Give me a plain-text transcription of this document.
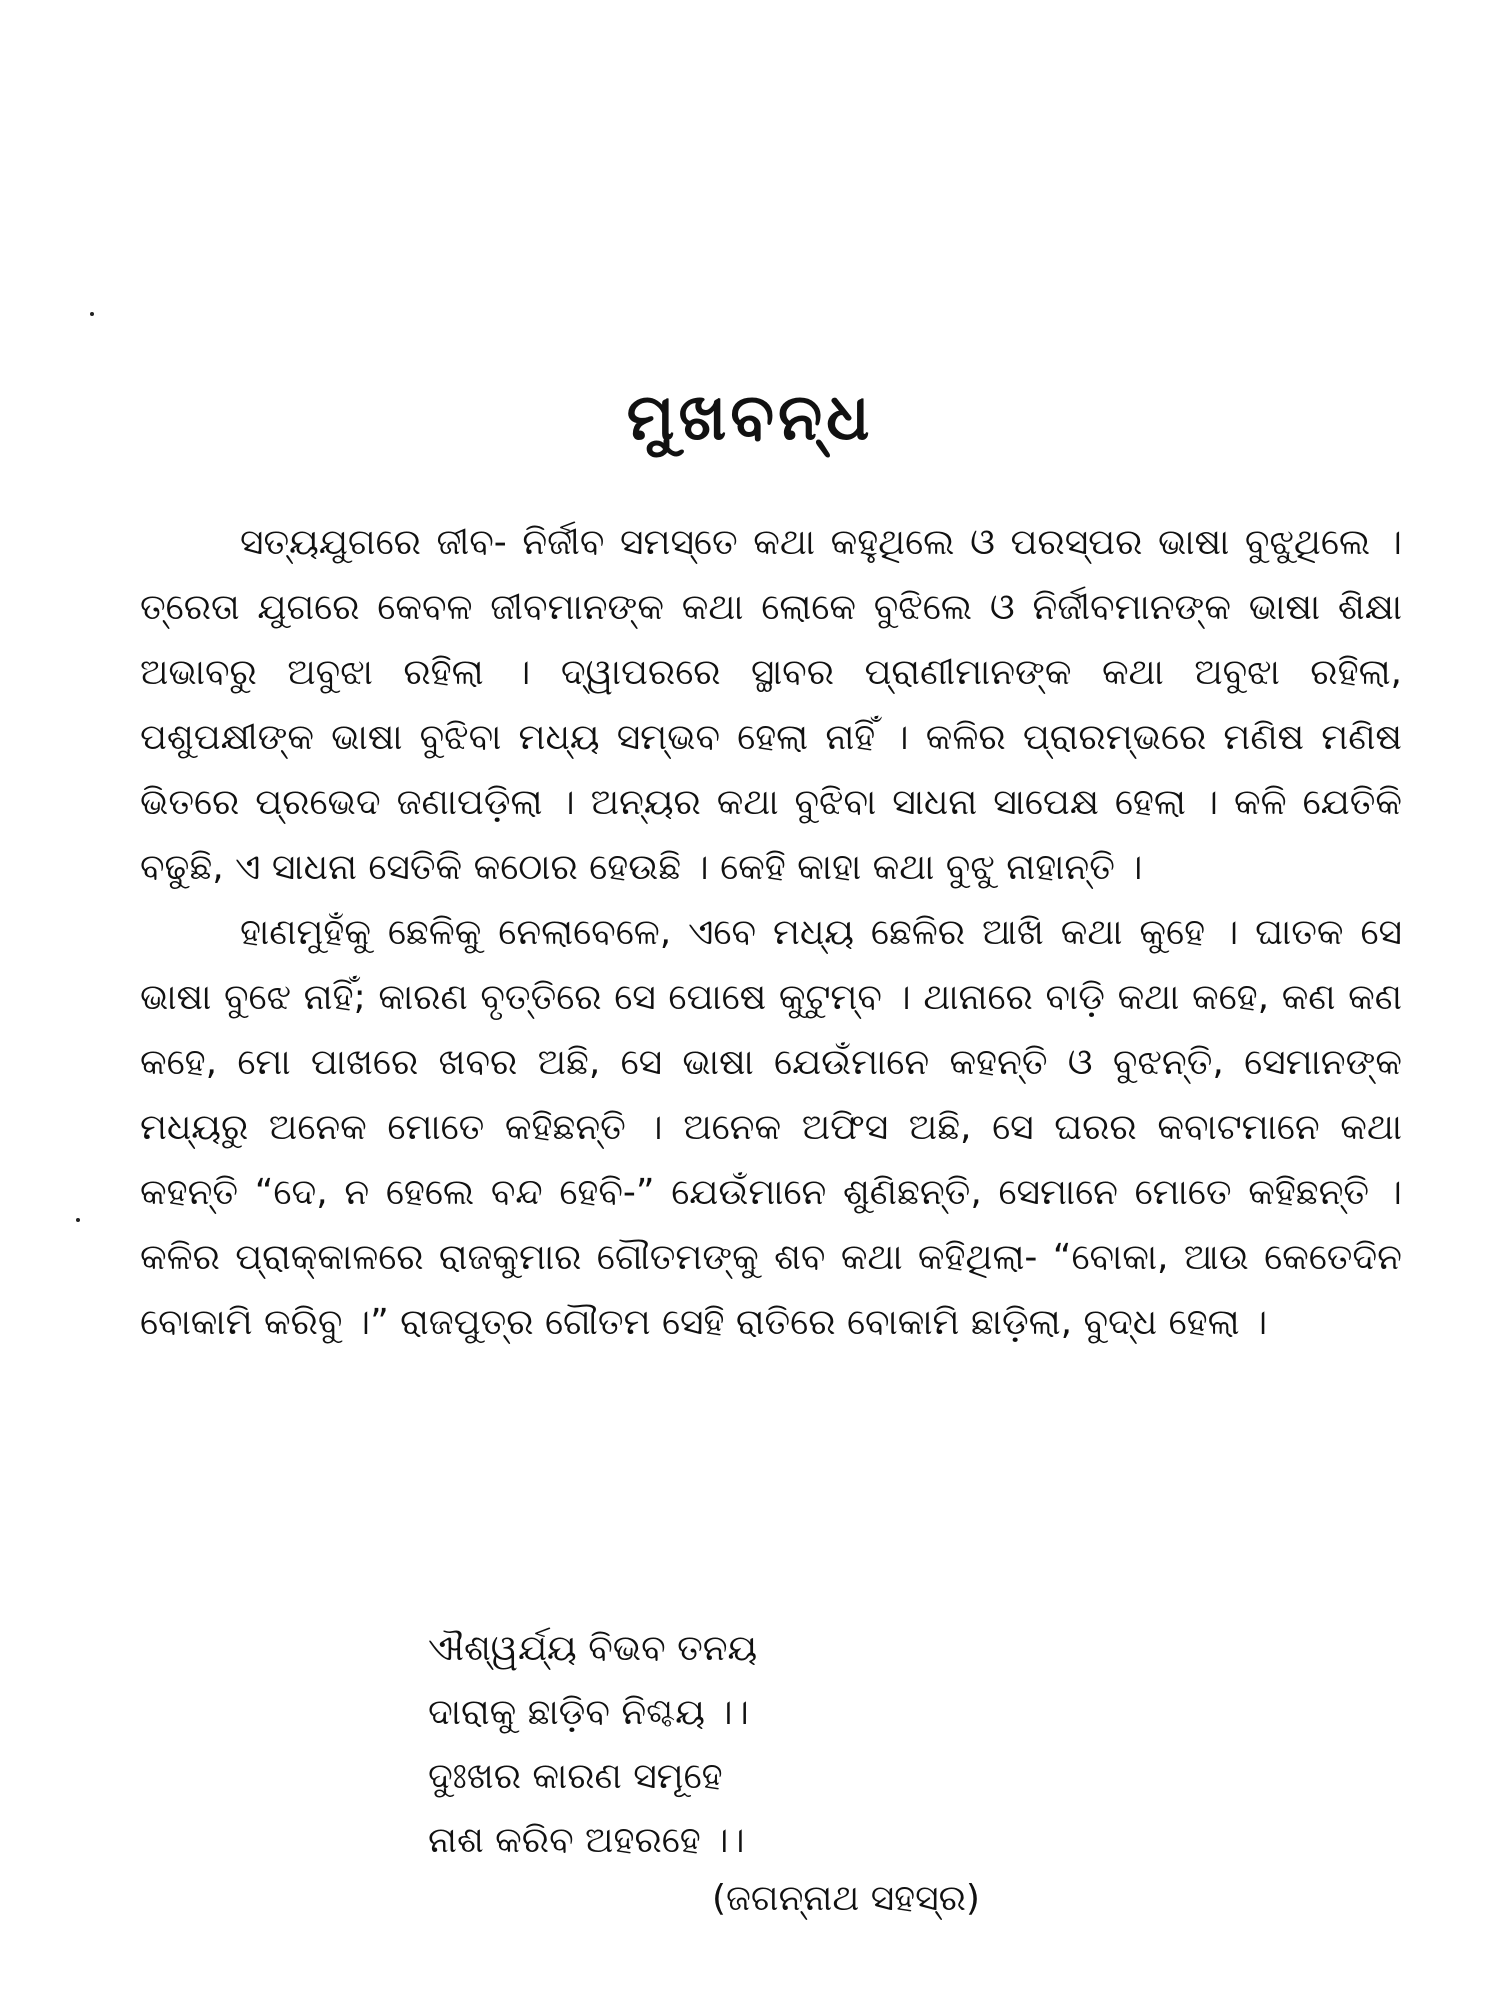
ମୁଖବନ୍ଧ

ସତ୍ୟଯୁଗରେ ଜୀବ- ନିର୍ଜୀବ ସମସ୍ତେ କଥା କହୁଥିଲେ ଓ ପରସ୍ପର ଭାଷା ବୁଝୁଥିଲେ । ତ୍ରେତା ଯୁଗରେ କେବଳ ଜୀବମାନଙ୍କ କଥା ଲୋକେ ବୁଝିଲେ ଓ ନିର୍ଜୀବମାନଙ୍କ ଭାଷା ଶିକ୍ଷା ଅଭାବରୁ ଅବୁଝା ରହିଲା । ଦ୍ୱାପରରେ ସ୍ଥାବର ପ୍ରାଣୀମାନଙ୍କ କଥା ଅବୁଝା ରହିଲା, ପଶୁପକ୍ଷୀଙ୍କ ଭାଷା ବୁଝିବା ମଧ୍ୟ ସମ୍ଭବ ହେଲା ନାହିଁ । କଳିର ପ୍ରାରମ୍ଭରେ ମଣିଷ ମଣିଷ ଭିତରେ ପ୍ରଭେଦ ଜଣାପଡ଼ିଲା । ଅନ୍ୟର କଥା ବୁଝିବା ସାଧନା ସାପେକ୍ଷ ହେଲା । କଳି ଯେତିକି ବଢୁଛି, ଏ ସାଧନା ସେତିକି କଠୋର ହେଉଛି । କେହି କାହା କଥା ବୁଝୁ ନାହାନ୍ତି ।

ହାଣମୁହଁକୁ ଛେଳିକୁ ନେଲାବେଳେ, ଏବେ ମଧ୍ୟ ଛେଳିର ଆଖି କଥା କୁହେ । ଘାତକ ସେ ଭାଷା ବୁଝେ ନାହିଁ; କାରଣ ବୃତ୍ତିରେ ସେ ପୋଷେ କୁଟୁମ୍ବ । ଥାନାରେ ବାଡ଼ି କଥା କହେ, କଣ କଣ କହେ, ମୋ ପାଖରେ ଖବର ଅଛି, ସେ ଭାଷା ଯେଉଁମାନେ କହନ୍ତି ଓ ବୁଝନ୍ତି, ସେମାନଙ୍କ ମଧ୍ୟରୁ ଅନେକ ମୋତେ କହିଛନ୍ତି । ଅନେକ ଅଫିସ ଅଛି, ସେ ଘରର କବାଟମାନେ କଥା କହନ୍ତି “ଦେ, ନ ହେଲେ ବନ୍ଦ ହେବି-” ଯେଉଁମାନେ ଶୁଣିଛନ୍ତି, ସେମାନେ ମୋତେ କହିଛନ୍ତି । କଳିର ପ୍ରାକ୍‌କାଳରେ ରାଜକୁମାର ଗୌତମଙ୍କୁ ଶବ କଥା କହିଥିଲା- “ବୋକା, ଆଉ କେତେଦିନ ବୋକାମି କରିବୁ ।” ରାଜପୁତ୍ର ଗୌତମ ସେହି ରାତିରେ ବୋକାମି ଛାଡ଼ିଲା, ବୁଦ୍ଧ ହେଲା ।

ଐଶ୍ୱର୍ଯ୍ୟ ବିଭବ ତନୟ
ଦାରାକୁ ଛାଡ଼ିବ ନିଶ୍ଚୟ ।।
ଦୁଃଖର କାରଣ ସମୂହେ
ନାଶ କରିବ ଅହରହେ ।।
(ଜଗନ୍ନାଥ ସହସ୍ର)
